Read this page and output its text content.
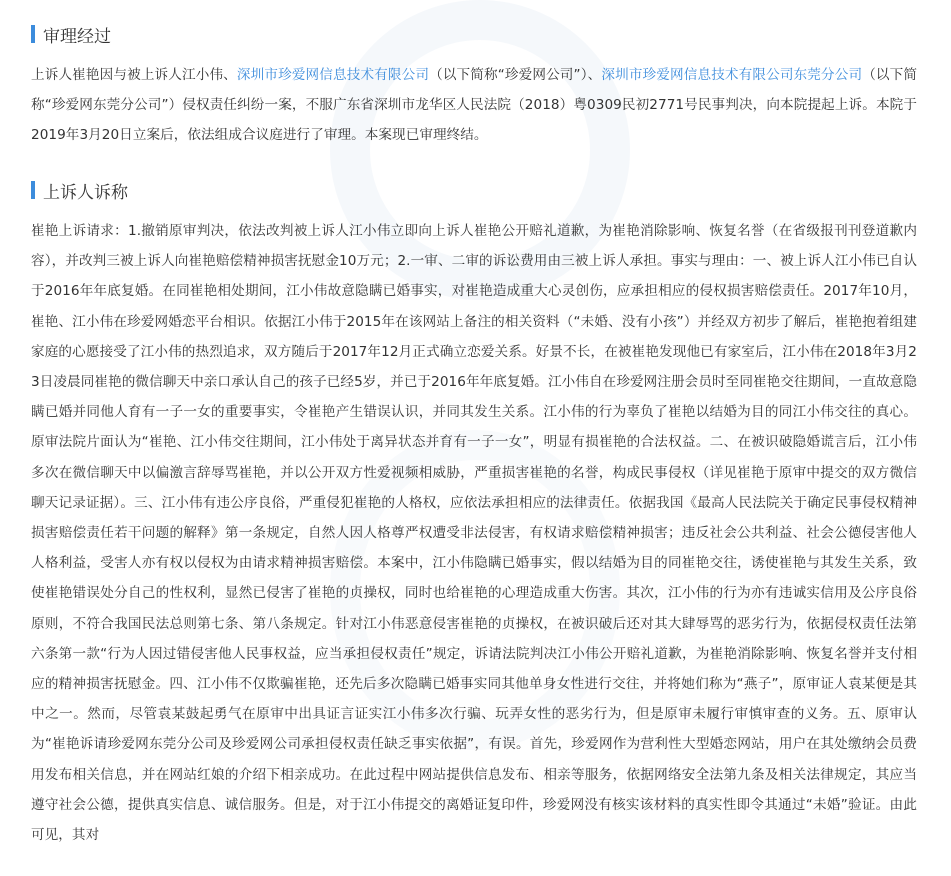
审理经过
上诉人崔艳因与被上诉人江小伟、深圳市珍爱网信息技术有限公司（以下简称“珍爱网公司”）、深圳市珍爱网信息技术有限公司东莞分公司（以下简称“珍爱网东莞分公司”）侵权责任纠纷一案，不服广东省深圳市龙华区人民法院（2018）粤0309民初2771号民事判决，向本院提起上诉。本院于2019年3月20日立案后，依法组成合议庭进行了审理。本案现已审理终结。
上诉人诉称
崔艳上诉请求：1.撤销原审判决，依法改判被上诉人江小伟立即向上诉人崔艳公开赔礼道歉，为崔艳消除影响、恢复名誉（在省级报刊刊登道歉内容），并改判三被上诉人向崔艳赔偿精神损害抚慰金10万元；2.一审、二审的诉讼费用由三被上诉人承担。事实与理由：一、被上诉人江小伟已自认于2016年年底复婚。在同崔艳相处期间，江小伟故意隐瞒已婚事实，对崔艳造成重大心灵创伤，应承担相应的侵权损害赔偿责任。2017年10月，崔艳、江小伟在珍爱网婚恋平台相识。依据江小伟于2015年在该网站上备注的相关资料（“未婚、没有小孩”）并经双方初步了解后，崔艳抱着组建家庭的心愿接受了江小伟的热烈追求，双方随后于2017年12月正式确立恋爱关系。好景不长，在被崔艳发现他已有家室后，江小伟在2018年3月23日凌晨同崔艳的微信聊天中亲口承认自己的孩子已经5岁，并已于2016年年底复婚。江小伟自在珍爱网注册会员时至同崔艳交往期间，一直故意隐瞒已婚并同他人育有一子一女的重要事实，令崔艳产生错误认识，并同其发生关系。江小伟的行为辜负了崔艳以结婚为目的同江小伟交往的真心。原审法院片面认为“崔艳、江小伟交往期间，江小伟处于离异状态并育有一子一女”，明显有损崔艳的合法权益。二、在被识破隐婚谎言后，江小伟多次在微信聊天中以偏激言辞辱骂崔艳，并以公开双方性爱视频相威胁，严重损害崔艳的名誉，构成民事侵权（详见崔艳于原审中提交的双方微信聊天记录证据）。三、江小伟有违公序良俗，严重侵犯崔艳的人格权，应依法承担相应的法律责任。依据我国《最高人民法院关于确定民事侵权精神损害赔偿责任若干问题的解释》第一条规定，自然人因人格尊严权遭受非法侵害，有权请求赔偿精神损害；违反社会公共利益、社会公德侵害他人人格利益，受害人亦有权以侵权为由请求精神损害赔偿。本案中，江小伟隐瞒已婚事实，假以结婚为目的同崔艳交往，诱使崔艳与其发生关系，致使崔艳错误处分自己的性权利，显然已侵害了崔艳的贞操权，同时也给崔艳的心理造成重大伤害。其次，江小伟的行为亦有违诚实信用及公序良俗原则，不符合我国民法总则第七条、第八条规定。针对江小伟恶意侵害崔艳的贞操权，在被识破后还对其大肆辱骂的恶劣行为，依据侵权责任法第六条第一款“行为人因过错侵害他人民事权益，应当承担侵权责任”规定，诉请法院判决江小伟公开赔礼道歉，为崔艳消除影响、恢复名誉并支付相应的精神损害抚慰金。四、江小伟不仅欺骗崔艳，还先后多次隐瞒已婚事实同其他单身女性进行交往，并将她们称为“燕子”，原审证人袁某便是其中之一。然而，尽管袁某鼓起勇气在原审中出具证言证实江小伟多次行骗、玩弄女性的恶劣行为，但是原审未履行审慎审查的义务。五、原审认为“崔艳诉请珍爱网东莞分公司及珍爱网公司承担侵权责任缺乏事实依据”，有误。首先，珍爱网作为营利性大型婚恋网站，用户在其处缴纳会员费用发布相关信息，并在网站红娘的介绍下相亲成功。在此过程中网站提供信息发布、相亲等服务，依据网络安全法第九条及相关法律规定，其应当遵守社会公德，提供真实信息、诚信服务。但是，对于江小伟提交的离婚证复印件，珍爱网没有核实该材料的真实性即令其通过“未婚”验证。由此可见，其对
